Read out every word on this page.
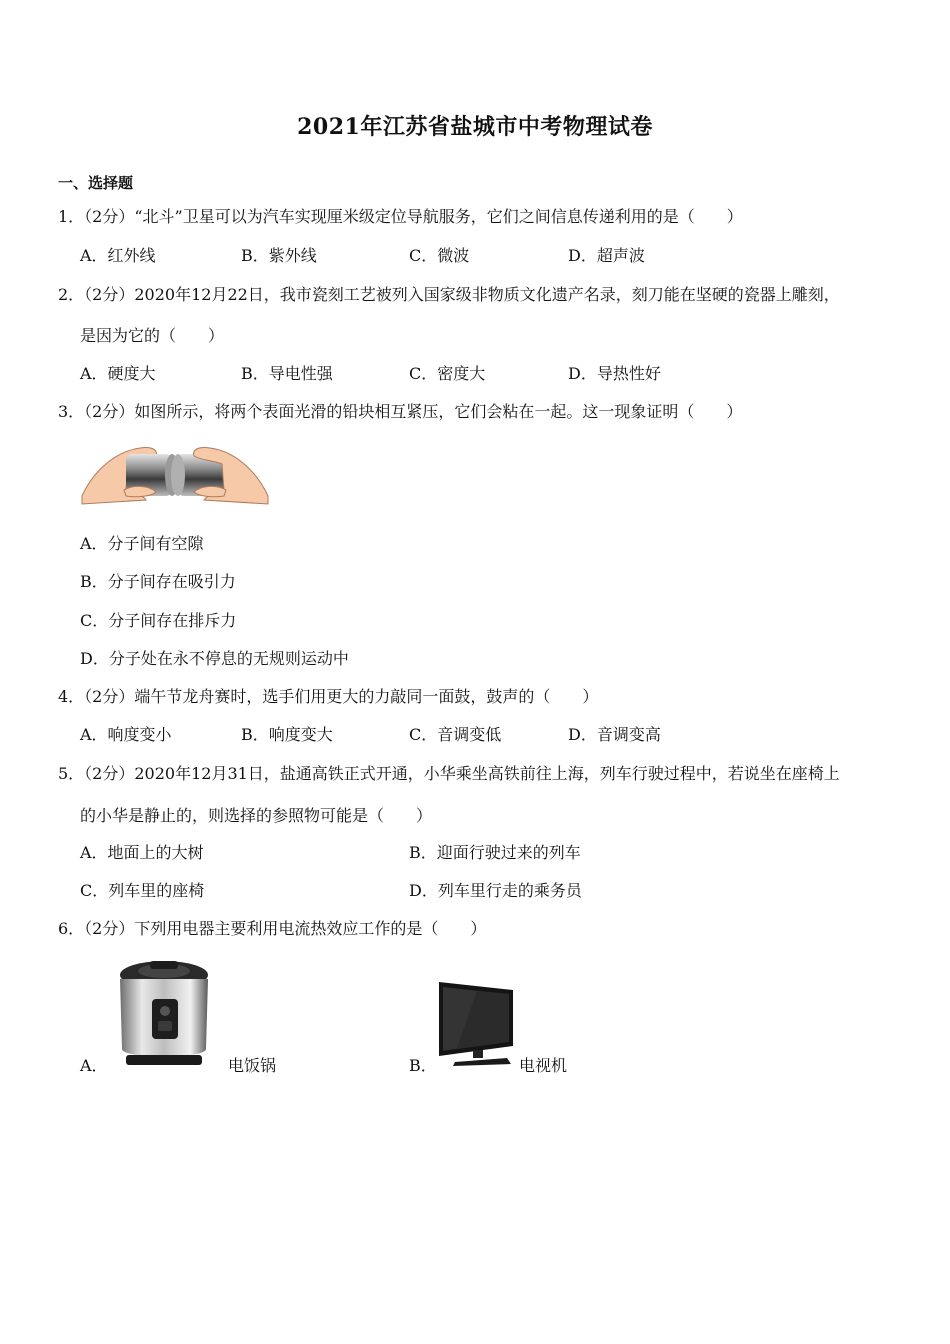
2021年江苏省盐城市中考物理试卷
一、选择题
1．（2分）“北斗”卫星可以为汽车实现厘米级定位导航服务，它们之间信息传递利用的是（　　）
A．红外线	B．紫外线	C．微波	D．超声波
2．（2分）2020年12月22日，我市瓷刻工艺被列入国家级非物质文化遗产名录，刻刀能在坚硬的瓷器上雕刻，
是因为它的（　　）
A．硬度大	B．导电性强	C．密度大	D．导热性好
3．（2分）如图所示，将两个表面光滑的铅块相互紧压，它们会粘在一起。这一现象证明（　　）
A．分子间有空隙
B．分子间存在吸引力
C．分子间存在排斥力
D．分子处在永不停息的无规则运动中
4．（2分）端午节龙舟赛时，选手们用更大的力敲同一面鼓，鼓声的（　　）
A．响度变小	B．响度变大	C．音调变低	D．音调变高
5．（2分）2020年12月31日，盐通高铁正式开通，小华乘坐高铁前往上海，列车行驶过程中，若说坐在座椅上
的小华是静止的，则选择的参照物可能是（　　）
A．地面上的大树	B．迎面行驶过来的列车
C．列车里的座椅	D．列车里行走的乘务员
6．（2分）下列用电器主要利用电流热效应工作的是（　　）
A．	电饭锅	B．	电视机
